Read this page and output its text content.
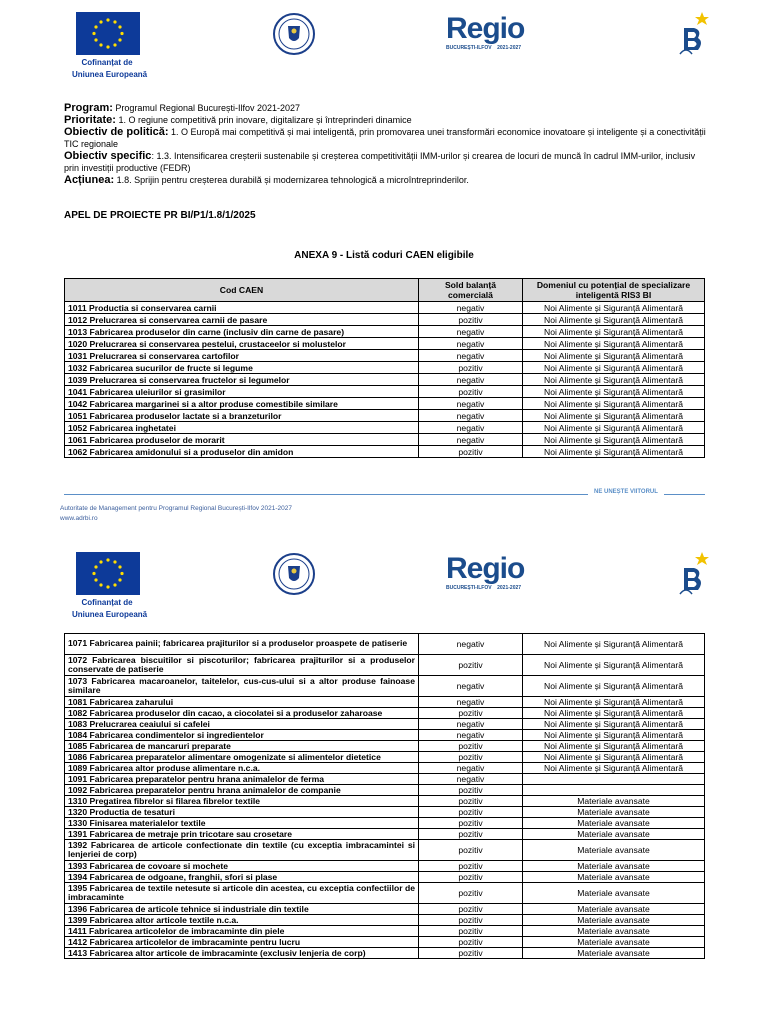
Cofinanțat de
Uniunea Europeană
Regio
BUCUREȘTI-ILFOV 2021-2027

Program: Programul Regional București-Ilfov 2021-2027

Prioritate: 1. O regiune competitivă prin inovare, digitalizare și întreprinderi dinamice

Obiectiv de politică: 1. O Europă mai competitivă și mai inteligentă, prin promovarea unei transformări economice inovatoare și inteligente și a conectivității TIC regionale

Obiectiv specific: 1.3. Intensificarea creșterii sustenabile și creșterea competitivității IMM-urilor și crearea de locuri de muncă în cadrul IMM-urilor, inclusiv prin investiții productive (FEDR)

Acțiunea: 1.8. Sprijin pentru creșterea durabilă și modernizarea tehnologică a microîntreprinderilor.

APEL DE PROIECTE PR BI/P1/1.8/1/2025
ANEXA 9 - Listă coduri CAEN eligibile
Cod CAEN	Sold balanță comercială	Domeniul cu potențial de specializare inteligentă RIS3 BI
1011 Productia si conservarea carnii	negativ	Noi Alimente și Siguranță Alimentară
1012 Prelucrarea si conservarea carnii de pasare	pozitiv	Noi Alimente și Siguranță Alimentară
1013 Fabricarea produselor din carne (inclusiv din carne de pasare)	negativ	Noi Alimente și Siguranță Alimentară
1020 Prelucrarea si conservarea pestelui, crustaceelor si molustelor	negativ	Noi Alimente și Siguranță Alimentară
1031 Prelucrarea si conservarea cartofilor	negativ	Noi Alimente și Siguranță Alimentară
1032 Fabricarea sucurilor de fructe si legume	pozitiv	Noi Alimente și Siguranță Alimentară
1039 Prelucrarea si conservarea fructelor si legumelor	negativ	Noi Alimente și Siguranță Alimentară
1041 Fabricarea uleiurilor si grasimilor	pozitiv	Noi Alimente și Siguranță Alimentară
1042 Fabricarea margarinei si a altor produse comestibile similare	negativ	Noi Alimente și Siguranță Alimentară
1051 Fabricarea produselor lactate si a branzeturilor	negativ	Noi Alimente și Siguranță Alimentară
1052 Fabricarea inghetatei	negativ	Noi Alimente și Siguranță Alimentară
1061 Fabricarea produselor de morarit	negativ	Noi Alimente și Siguranță Alimentară
1062 Fabricarea amidonului si a produselor din amidon	pozitiv	Noi Alimente și Siguranță Alimentară
NE UNEȘTE VIITORUL
Autoritate de Management pentru Programul Regional București-Ilfov 2021-2027
www.adrbi.ro
Cofinanțat de
Uniunea Europeană
Regio
BUCUREȘTI-ILFOV 2021-2027
1071 Fabricarea painii; fabricarea prajiturilor si a produselor proaspete de patiserie	negativ	Noi Alimente și Siguranță Alimentară
1072 Fabricarea biscuitilor si piscoturilor; fabricarea prajiturilor si a produselor conservate de patiserie	pozitiv	Noi Alimente și Siguranță Alimentară
1073 Fabricarea macaroanelor, taitelelor, cus-cus-ului si a altor produse fainoase similare	negativ	Noi Alimente și Siguranță Alimentară
1081 Fabricarea zaharului	negativ	Noi Alimente și Siguranță Alimentară
1082 Fabricarea produselor din cacao, a ciocolatei si a produselor zaharoase	pozitiv	Noi Alimente și Siguranță Alimentară
1083 Prelucrarea ceaiului si cafelei	negativ	Noi Alimente și Siguranță Alimentară
1084 Fabricarea condimentelor si ingredientelor	negativ	Noi Alimente și Siguranță Alimentară
1085 Fabricarea de mancaruri preparate	pozitiv	Noi Alimente și Siguranță Alimentară
1086 Fabricarea preparatelor alimentare omogenizate si alimentelor dietetice	pozitiv	Noi Alimente și Siguranță Alimentară
1089 Fabricarea altor produse alimentare n.c.a.	negativ	Noi Alimente și Siguranță Alimentară
1091 Fabricarea preparatelor pentru hrana animalelor de ferma	negativ	
1092 Fabricarea preparatelor pentru hrana animalelor de companie	pozitiv	
1310 Pregatirea fibrelor si filarea fibrelor textile	pozitiv	Materiale avansate
1320 Productia de tesaturi	pozitiv	Materiale avansate
1330 Finisarea materialelor textile	pozitiv	Materiale avansate
1391 Fabricarea de metraje prin tricotare sau crosetare	pozitiv	Materiale avansate
1392 Fabricarea de articole confectionate din textile (cu exceptia imbracamintei si lenjeriei de corp)	pozitiv	Materiale avansate
1393 Fabricarea de covoare si mochete	pozitiv	Materiale avansate
1394 Fabricarea de odgoane, franghii, sfori si plase	pozitiv	Materiale avansate
1395 Fabricarea de textile netesute si articole din acestea, cu exceptia confectiilor de imbracaminte	pozitiv	Materiale avansate
1396 Fabricarea de articole tehnice si industriale din textile	pozitiv	Materiale avansate
1399 Fabricarea altor articole textile n.c.a.	pozitiv	Materiale avansate
1411 Fabricarea articolelor de imbracaminte din piele	pozitiv	Materiale avansate
1412 Fabricarea articolelor de imbracaminte pentru lucru	pozitiv	Materiale avansate
1413 Fabricarea altor articole de imbracaminte (exclusiv lenjeria de corp)	pozitiv	Materiale avansate
